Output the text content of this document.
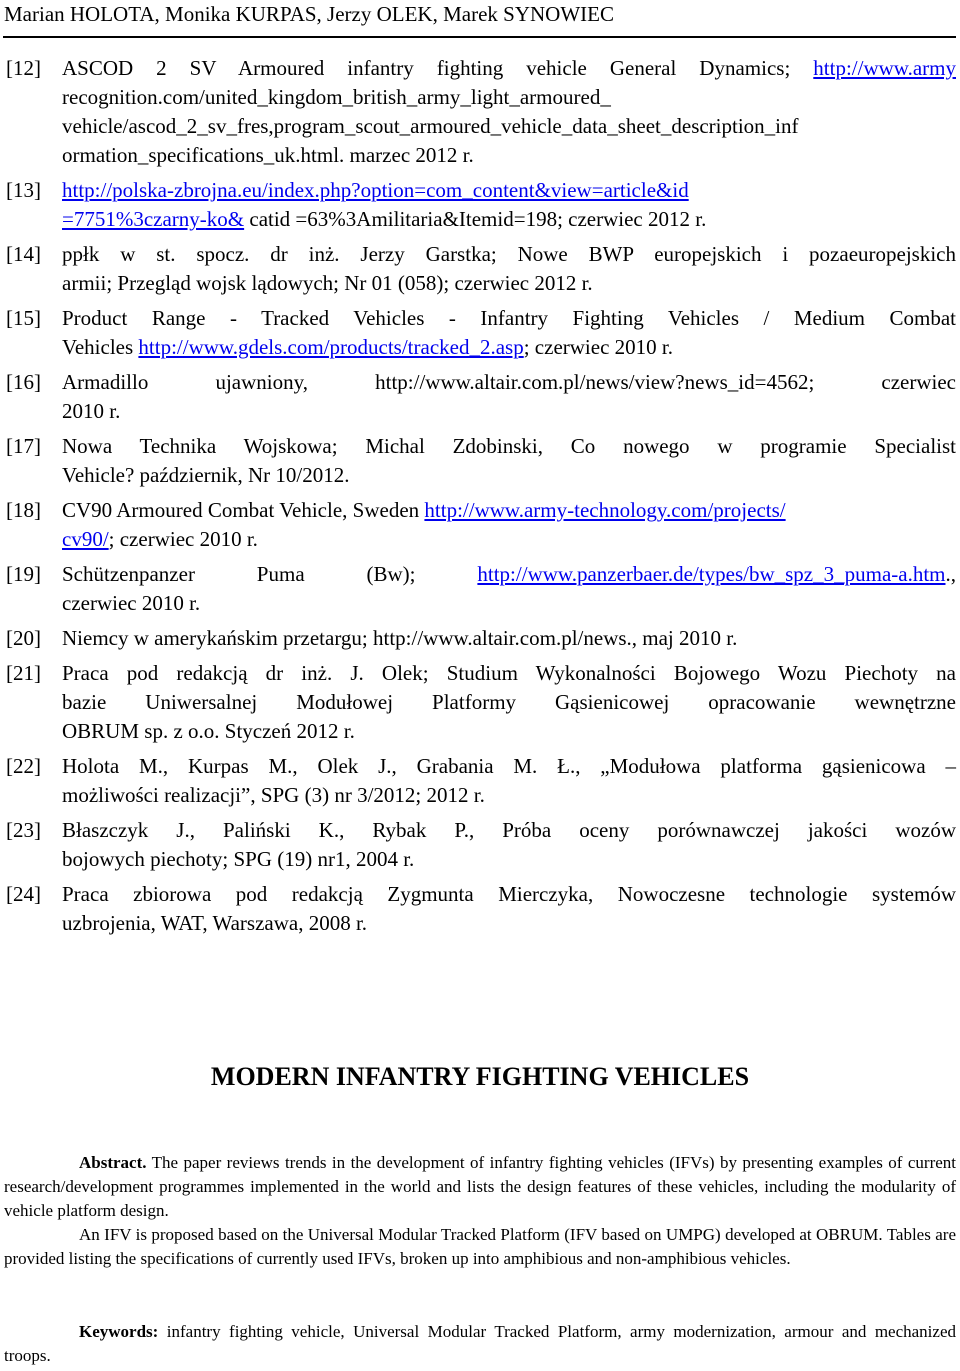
Marian HOLOTA, Monika KURPAS, Jerzy OLEK, Marek SYNOWIEC
[12] ASCOD 2 SV Armoured infantry fighting vehicle General Dynamics; http://www.army
recognition.com/united_kingdom_british_army_light_armoured_
vehicle/ascod_2_sv_fres,program_scout_armoured_vehicle_data_sheet_description_inf
ormation_specifications_uk.html. marzec 2012 r.
[13] http://polska-zbrojna.eu/index.php?option=com_content&view=article&id
=7751%3czarny-ko& catid =63%3Amilitaria&Itemid=198; czerwiec 2012 r.
[14] ppłk w st. spocz. dr inż. Jerzy Garstka; Nowe BWP europejskich i pozaeuropejskich
armii; Przegląd wojsk lądowych; Nr 01 (058); czerwiec 2012 r.
[15] Product Range - Tracked Vehicles - Infantry Fighting Vehicles / Medium Combat
Vehicles http://www.gdels.com/products/tracked_2.asp; czerwiec 2010 r.
[16] Armadillo ujawniony, http://www.altair.com.pl/news/view?news_id=4562; czerwiec
2010 r.
[17] Nowa Technika Wojskowa; Michal Zdobinski, Co nowego w programie Specialist
Vehicle? październik, Nr 10/2012.
[18] CV90 Armoured Combat Vehicle, Sweden http://www.army-technology.com/projects/
cv90/; czerwiec 2010 r.
[19] Schützenpanzer Puma (Bw); http://www.panzerbaer.de/types/bw_spz_3_puma-a.htm.,
czerwiec 2010 r.
[20] Niemcy w amerykańskim przetargu; http://www.altair.com.pl/news., maj 2010 r.
[21] Praca pod redakcją dr inż. J. Olek; Studium Wykonalności Bojowego Wozu Piechoty na
bazie Uniwersalnej Modułowej Platformy Gąsienicowej opracowanie wewnętrzne
OBRUM sp. z o.o. Styczeń 2012 r.
[22] Holota M., Kurpas M., Olek J., Grabania M. Ł., „Modułowa platforma gąsienicowa –
możliwości realizacji”, SPG (3) nr 3/2012; 2012 r.
[23] Błaszczyk J., Paliński K., Rybak P., Próba oceny porównawczej jakości wozów
bojowych piechoty; SPG (19) nr1, 2004 r.
[24] Praca zbiorowa pod redakcją Zygmunta Mierczyka, Nowoczesne technologie systemów
uzbrojenia, WAT, Warszawa, 2008 r.
MODERN INFANTRY FIGHTING VEHICLES

Abstract. The paper reviews trends in the development of infantry fighting vehicles (IFVs) by presenting examples of current research/development programmes implemented in the world and lists the design features of these vehicles, including the modularity of vehicle platform design.

An IFV is proposed based on the Universal Modular Tracked Platform (IFV based on UMPG) developed at OBRUM. Tables are provided listing the specifications of currently used IFVs, broken up into amphibious and non-amphibious vehicles.

Keywords: infantry fighting vehicle, Universal Modular Tracked Platform, army modernization, armour and mechanized troops.
